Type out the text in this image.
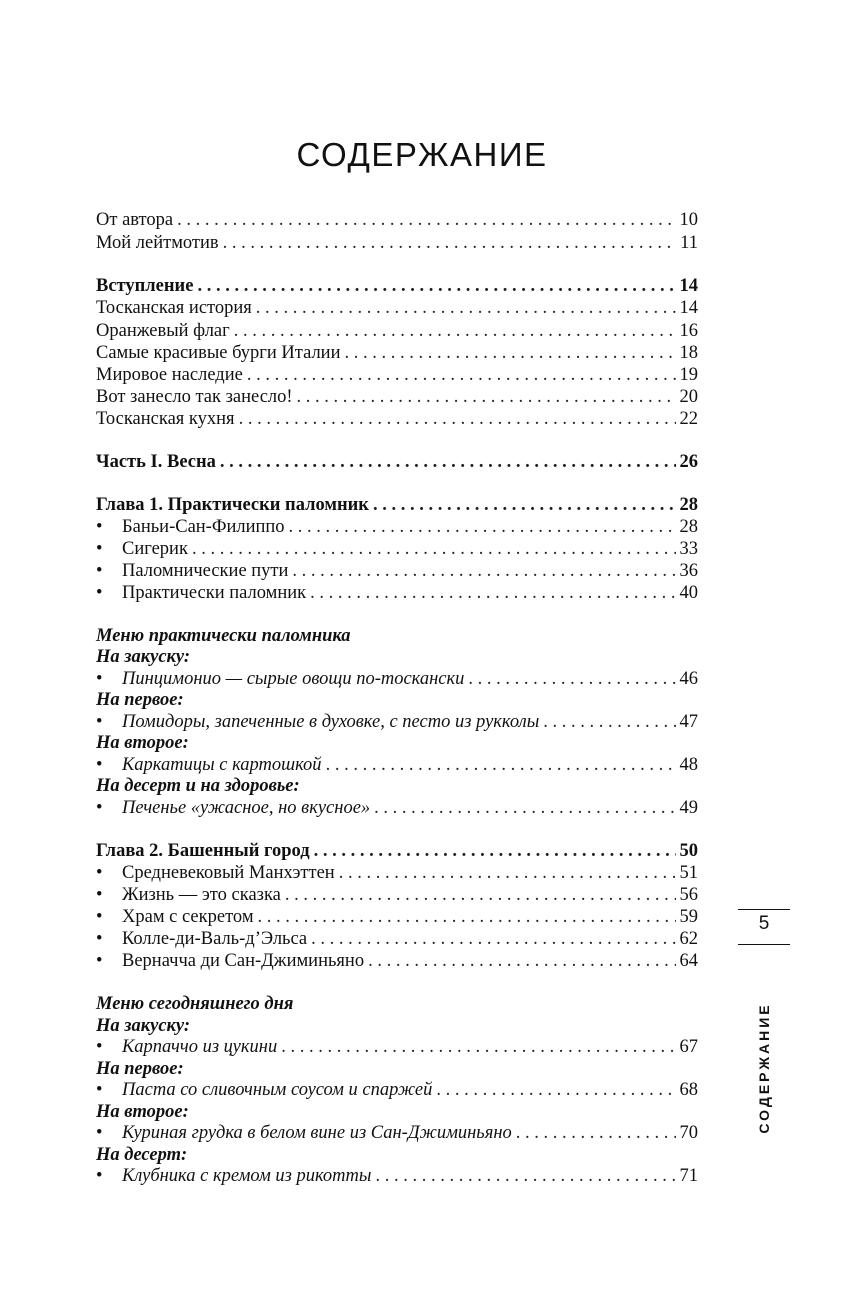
СОДЕРЖАНИЕ
От автора . . .	10
Мой лейтмотив . . .	11
Вступление . . .	14
Тосканская история . . .	14
Оранжевый флаг . . .	16
Самые красивые бурги Италии . . .	18
Мировое наследие . . .	19
Вот занесло так занесло! . . .	20
Тосканская кухня . . .	22
Часть I. Весна . . .	26
Глава 1. Практически паломник . . .	28
•	Баньи-Сан-Филиппо . . .	28
•	Сигерик . . .	33
•	Паломнические пути . . .	36
•	Практически паломник . . .	40
Меню практически паломника
На закуску:
•	Пинцимонио — сырые овощи по-тоскански . . .	46
На первое:
•	Помидоры, запеченные в духовке, с песто из рукколы . . .	47
На второе:
•	Каркатицы с картошкой . . .	48
На десерт и на здоровье:
•	Печенье «ужасное, но вкусное» . . .	49
Глава 2. Башенный город . . .	50
•	Средневековый Манхэттен . . .	51
•	Жизнь — это сказка . . .	56
•	Храм с секретом . . .	59
•	Колле-ди-Валь-д’Эльса . . .	62
•	Верначча ди Сан-Джиминьяно . . .	64
Меню сегодняшнего дня
На закуску:
•	Карпаччо из цукини . . .	67
На первое:
•	Паста со сливочным соусом и спаржей . . .	68
На второе:
•	Куриная грудка в белом вине из Сан-Джиминьяно . . .	70
На десерт:
•	Клубника с кремом из рикотты . . .	71
5
СОДЕРЖАНИЕ
